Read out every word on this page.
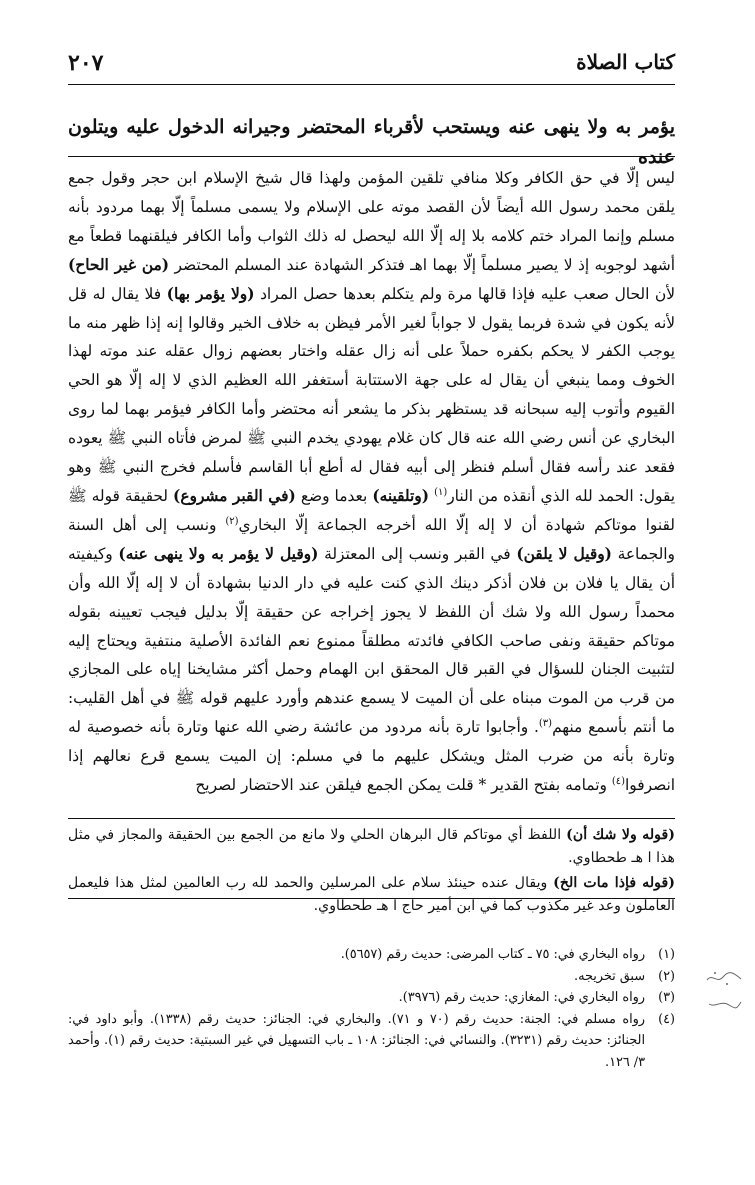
كتاب الصلاة
٢٠٧
يؤمر به ولا ينهى عنه ويستحب لأقرباء المحتضر وجيرانه الدخول عليه ويتلون عنده

ليس إلّا في حق الكافر وكلا منافي تلقين المؤمن ولهذا قال شيخ الإسلام ابن حجر وقول جمع يلقن محمد رسول الله أيضاً لأن القصد موته على الإسلام ولا يسمى مسلماً إلّا بهما مردود بأنه مسلم وإنما المراد ختم كلامه بلا إله إلّا الله ليحصل له ذلك الثواب وأما الكافر فيلقنهما قطعاً مع أشهد لوجوبه إذ لا يصير مسلماً إلّا بهما اهـ فتذكر الشهادة عند المسلم المحتضر (من غير الحاح) لأن الحال صعب عليه فإذا قالها مرة ولم يتكلم بعدها حصل المراد (ولا يؤمر بها) فلا يقال له قل لأنه يكون في شدة فربما يقول لا جواباً لغير الأمر فيظن به خلاف الخير وقالوا إنه إذا ظهر منه ما يوجب الكفر لا يحكم بكفره حملاً على أنه زال عقله واختار بعضهم زوال عقله عند موته لهذا الخوف ومما ينبغي أن يقال له على جهة الاستتابة أستغفر الله العظيم الذي لا إله إلّا هو الحي القيوم وأتوب إليه سبحانه قد يستظهر بذكر ما يشعر أنه محتضر وأما الكافر فيؤمر بهما لما روى البخاري عن أنس رضي الله عنه قال كان غلام يهودي يخدم النبي ﷺ لمرض فأتاه النبي ﷺ يعوده فقعد عند رأسه فقال أسلم فنظر إلى أبيه فقال له أطع أبا القاسم فأسلم فخرج النبي ﷺ وهو يقول: الحمد لله الذي أنقذه من النار$^{(١)}$ (وتلقينه) بعدما وضع (في القبر مشروع) لحقيقة قوله ﷺ لقنوا موتاكم شهادة أن لا إله إلّا الله أخرجه الجماعة إلّا البخاري$^{(٢)}$ ونسب إلى أهل السنة والجماعة (وقيل لا يلقن) في القبر ونسب إلى المعتزلة (وقيل لا يؤمر به ولا ينهى عنه) وكيفيته أن يقال يا فلان بن فلان أذكر دينك الذي كنت عليه في دار الدنيا بشهادة أن لا إله إلّا الله وأن محمداً رسول الله ولا شك أن اللفظ لا يجوز إخراجه عن حقيقة إلّا بدليل فيجب تعيينه بقوله موتاكم حقيقة ونفى صاحب الكافي فائدته مطلقاً ممنوع نعم الفائدة الأصلية منتفية ويحتاج إليه لتثبيت الجنان للسؤال في القبر قال المحقق ابن الهمام وحمل أكثر مشايخنا إياه على المجازي من قرب من الموت مبناه على أن الميت لا يسمع عندهم وأورد عليهم قوله ﷺ في أهل القليب: ما أنتم بأسمع منهم$^{(٣)}$. وأجابوا تارة بأنه مردود من عائشة رضي الله عنها وتارة بأنه خصوصية له وتارة بأنه من ضرب المثل ويشكل عليهم ما في مسلم: إن الميت يسمع قرع نعالهم إذا انصرفوا$^{(٤)}$ وتمامه بفتح القدير * قلت يمكن الجمع فيلقن عند الاحتضار لصريح

(قوله ولا شك أن) اللفظ أي موتاكم قال البرهان الحلي ولا مانع من الجمع بين الحقيقة والمجاز في مثل هذا ا هـ طحطاوي.

(قوله فإذا مات الخ) ويقال عنده حينئذ سلام على المرسلين والحمد لله رب العالمين لمثل هذا فليعمل العاملون وعد غير مكذوب كما في ابن أمير حاج ا هـ طحطاوي.

(١)
رواه البخاري في: ٧٥ ـ كتاب المرضى: حديث رقم (٥٦٥٧).
(٢)
سبق تخريجه.
(٣)
رواه البخاري في: المغازي: حديث رقم (٣٩٧٦).
(٤)
رواه مسلم في: الجنة: حديث رقم (٧٠ و ٧١). والبخاري في: الجنائز: حديث رقم (١٣٣٨). وأبو داود في: الجنائز: حديث رقم (٣٢٣١). والنسائي في: الجنائز: ١٠٨ ـ باب التسهيل في غير السبتية: حديث رقم (١). وأحمد ٣/ ١٢٦.
